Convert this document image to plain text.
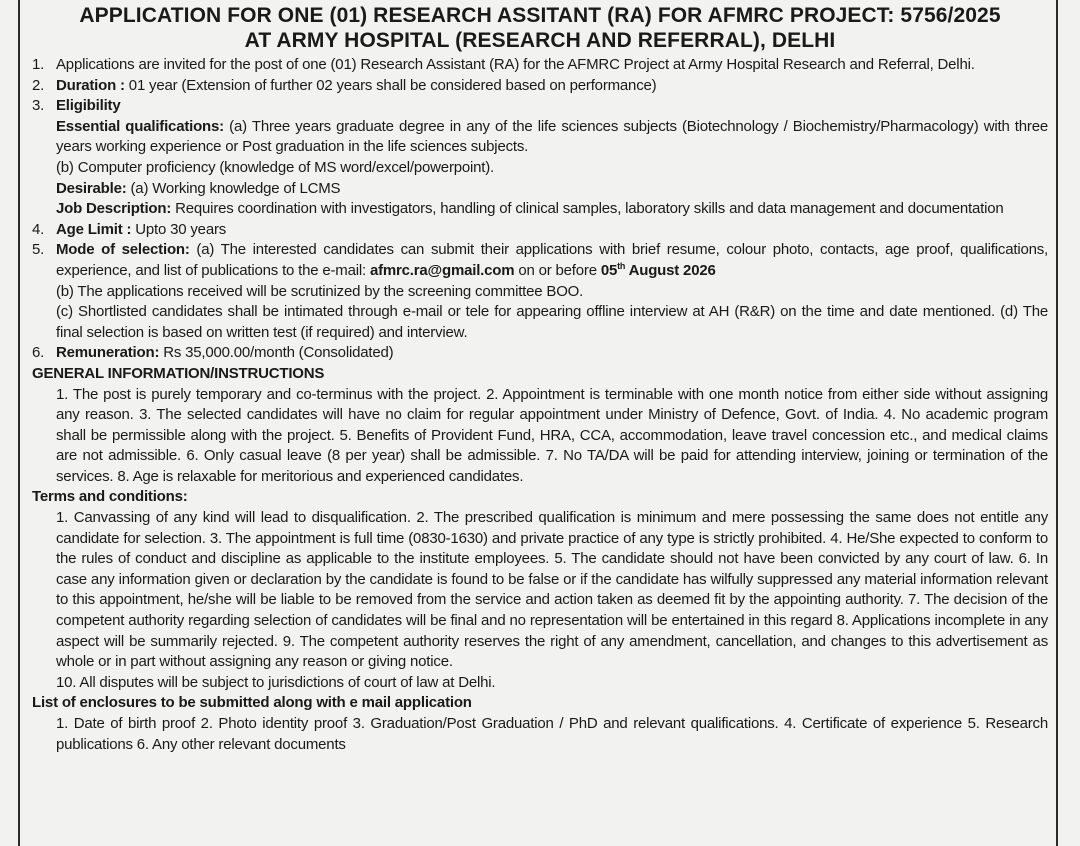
APPLICATION FOR ONE (01) RESEARCH ASSITANT (RA) FOR AFMRC PROJECT: 5756/2025
AT ARMY HOSPITAL (RESEARCH AND REFERRAL), DELHI
1. Applications are invited for the post of one (01) Research Assistant (RA) for the AFMRC Project at Army Hospital Research and Referral, Delhi.
2. Duration : 01 year (Extension of further 02 years shall be considered based on performance)
3. Eligibility
Essential qualifications: (a) Three years graduate degree in any of the life sciences subjects (Biotechnology / Biochemistry/Pharmacology) with three years working experience or Post graduation in the life sciences subjects.
(b) Computer proficiency (knowledge of MS word/excel/powerpoint).
Desirable: (a) Working knowledge of LCMS
Job Description: Requires coordination with investigators, handling of clinical samples, laboratory skills and data management and documentation
4. Age Limit : Upto 30 years
5. Mode of selection: (a) The interested candidates can submit their applications with brief resume, colour photo, contacts, age proof, qualifications, experience, and list of publications to the e-mail: afmrc.ra@gmail.com on or before 05th August 2026
(b) The applications received will be scrutinized by the screening committee BOO.
(c) Shortlisted candidates shall be intimated through e-mail or tele for appearing offline interview at AH (R&R) on the time and date mentioned. (d) The final selection is based on written test (if required) and interview.
6. Remuneration: Rs 35,000.00/month (Consolidated)
GENERAL INFORMATION/INSTRUCTIONS
1. The post is purely temporary and co-terminus with the project. 2. Appointment is terminable with one month notice from either side without assigning any reason. 3. The selected candidates will have no claim for regular appointment under Ministry of Defence, Govt. of India. 4. No academic program shall be permissible along with the project. 5. Benefits of Provident Fund, HRA, CCA, accommodation, leave travel concession etc., and medical claims are not admissible. 6. Only casual leave (8 per year) shall be admissible. 7. No TA/DA will be paid for attending interview, joining or termination of the services. 8. Age is relaxable for meritorious and experienced candidates.
Terms and conditions:
1. Canvassing of any kind will lead to disqualification. 2. The prescribed qualification is minimum and mere possessing the same does not entitle any candidate for selection. 3. The appointment is full time (0830-1630) and private practice of any type is strictly prohibited. 4. He/She expected to conform to the rules of conduct and discipline as applicable to the institute employees. 5. The candidate should not have been convicted by any court of law. 6. In case any information given or declaration by the candidate is found to be false or if the candidate has wilfully suppressed any material information relevant to this appointment, he/she will be liable to be removed from the service and action taken as deemed fit by the appointing authority. 7. The decision of the competent authority regarding selection of candidates will be final and no representation will be entertained in this regard 8. Applications incomplete in any aspect will be summarily rejected. 9. The competent authority reserves the right of any amendment, cancellation, and changes to this advertisement as whole or in part without assigning any reason or giving notice.
10. All disputes will be subject to jurisdictions of court of law at Delhi.
List of enclosures to be submitted along with e mail application
1. Date of birth proof 2. Photo identity proof 3. Graduation/Post Graduation / PhD and relevant qualifications. 4. Certificate of experience 5. Research publications 6. Any other relevant documents
